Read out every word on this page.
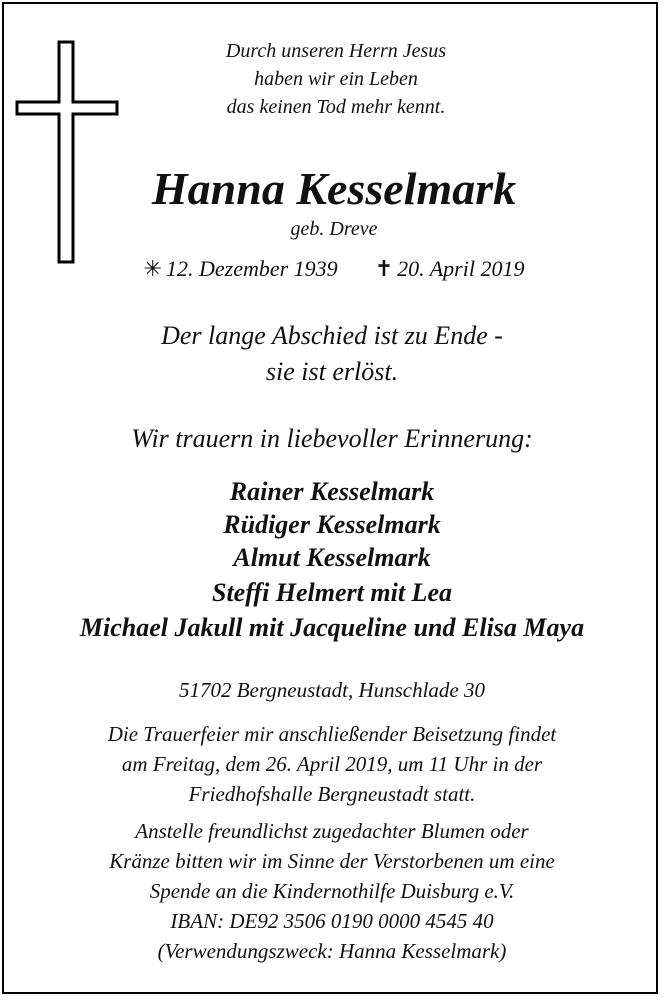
Durch unseren Herrn Jesus
haben wir ein Leben
das keinen Tod mehr kennt.
Hanna Kesselmark
geb. Dreve
✳ 12. Dezember 1939 ✝ 20. April 2019
Der lange Abschied ist zu Ende -
sie ist erlöst.
Wir trauern in liebevoller Erinnerung:
Rainer Kesselmark
Rüdiger Kesselmark
Almut Kesselmark
Steffi Helmert mit Lea
Michael Jakull mit Jacqueline und Elisa Maya
51702 Bergneustadt, Hunschlade 30
Die Trauerfeier mir anschließender Beisetzung findet
am Freitag, dem 26. April 2019, um 11 Uhr in der
Friedhofshalle Bergneustadt statt.
Anstelle freundlichst zugedachter Blumen oder
Kränze bitten wir im Sinne der Verstorbenen um eine
Spende an die Kindernothilfe Duisburg e.V.
IBAN: DE92 3506 0190 0000 4545 40
(Verwendungszweck: Hanna Kesselmark)
